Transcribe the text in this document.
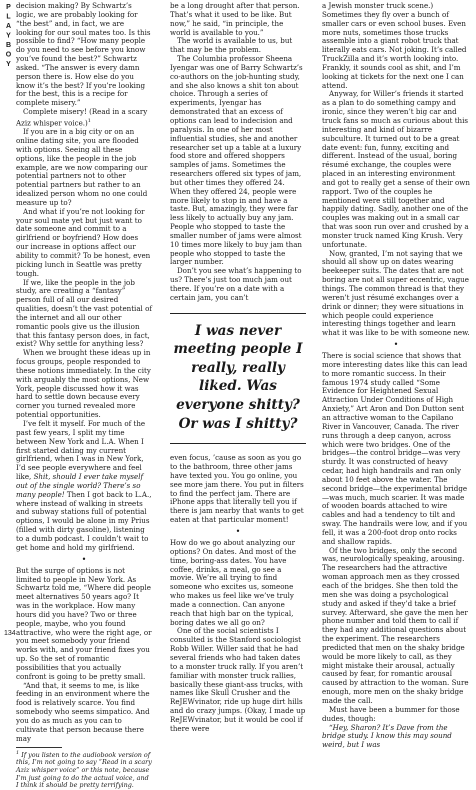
PLAYBOY decision making? By Schwartz’s logic, we are probably looking for “the best” and, in fact, we are looking for our soul mates too. Is this possible to find? “How many people do you need to see before you know you’ve found the best?” Schwartz asked. “The answer is every damn person there is. How else do you know it’s the best? If you’re looking for the best, this is a recipe for complete misery.”

Complete misery! (Read in a scary Aziz whisper voice.)$^1$

If you are in a big city or on an online dating site, you are flooded with options. Seeing all these options, like the people in the job example, are we now comparing our potential partners not to other potential partners but rather to an idealized person whom no one could measure up to?

And what if you’re not looking for your soul mate yet but just want to date someone and commit to a girlfriend or boyfriend? How does our increase in options affect our ability to commit? To be honest, even picking lunch in Seattle was pretty tough.

If we, like the people in the job study, are creating a “fantasy” person full of all our desired qualities, doesn’t the vast potential of the internet and all our other romantic pools give us the illusion that this fantasy person does, in fact, exist? Why settle for anything less?

When we brought these ideas up in focus groups, people responded to these notions immediately. In the city with arguably the most options, New York, people discussed how it was hard to settle down because every corner you turned revealed more potential opportunities.

I’ve felt it myself. For much of the past few years, I split my time between New York and L.A. When I first started dating my current girlfriend, when I was in New York, I’d see people everywhere and feel like, Shit, should I ever take myself out of the single world? There’s so many people! Then I got back to L.A., where instead of walking in streets and subway stations full of potential options, I would be alone in my Prius (filled with dirty gasoline), listening to a dumb podcast. I couldn’t wait to get home and hold my girlfriend.

•

But the surge of options is not limited to people in New York. As Schwartz told me, “Where did people meet alternatives 50 years ago? It was in the workplace. How many hours did you have? Two or three people, maybe, who you found attractive, who were the right age, or you meet somebody your friend works with, and your friend fixes you up. So the set of romantic possibilities that you actually confront is going to be pretty small.

“And that, it seems to me, is like feeding in an environment where the food is relatively scarce. You find somebody who seems simpatico. And you do as much as you can to cultivate that person because there may

$^1$ If you listen to the audiobook version of this, I’m not going to say “Read in a scary Aziz whisper voice” or this note, because I’m just going to do the actual voice, and I think it should be pretty terrifying.

be a long drought after that person. That’s what it used to be like. But now,” he said, “in principle, the world is available to you.”

The world is available to us, but that may be the problem.

The Columbia professor Sheena Iyengar was one of Barry Schwartz’s co-authors on the job-hunting study, and she also knows a shit ton about choice. Through a series of experiments, Iyengar has demonstrated that an excess of options can lead to indecision and paralysis. In one of her most influential studies, she and another researcher set up a table at a luxury food store and offered shoppers samples of jams. Sometimes the researchers offered six types of jam, but other times they offered 24. When they offered 24, people were more likely to stop in and have a taste. But, amazingly, they were far less likely to actually buy any jam. People who stopped to taste the smaller number of jams were almost 10 times more likely to buy jam than people who stopped to taste the larger number.

Don’t you see what’s happening to us? There’s just too much jam out there. If you’re on a date with a certain jam, you can’t

I was never meeting people I really, really liked. Was everyone shitty? Or was I shitty?

even focus, ’cause as soon as you go to the bathroom, three other jams have texted you. You go online, you see more jam there. You put in filters to find the perfect jam. There are iPhone apps that literally tell you if there is jam nearby that wants to get eaten at that particular moment!

•

How do we go about analyzing our options? On dates. And most of the time, boring-ass dates. You have coffee, drinks, a meal, go see a movie. We’re all trying to find someone who excites us, someone who makes us feel like we’ve truly made a connection. Can anyone reach that high bar on the typical, boring dates we all go on?

One of the social scientists I consulted is the Stanford sociologist Robb Willer. Willer said that he had several friends who had taken dates to a monster truck rally. If you aren’t familiar with monster truck rallies, basically these giant-ass trucks, with names like Skull Crusher and the ReJEWvinator, ride up huge dirt hills and do crazy jumps. (Okay, I made up ReJEWvinator, but it would be cool if there were

a Jewish monster truck scene.) Sometimes they fly over a bunch of smaller cars or even school buses. Even more nuts, sometimes those trucks assemble into a giant robot truck that literally eats cars. Not joking. It’s called TruckZilla and it’s worth looking into. Frankly, it sounds cool as shit, and I’m looking at tickets for the next one I can attend.

Anyway, for Willer’s friends it started as a plan to do something campy and ironic, since they weren’t big car and truck fans so much as curious about this interesting and kind of bizarre subculture. It turned out to be a great date event: fun, funny, exciting and different. Instead of the usual, boring résumé exchange, the couples were placed in an interesting environment and got to really get a sense of their own rapport. Two of the couples he mentioned were still together and happily dating. Sadly, another one of the couples was making out in a small car that was soon run over and crushed by a monster truck named King Krush. Very unfortunate.

Now, granted, I’m not saying that we should all show up on dates wearing beekeeper suits. The dates that are not boring are not all super eccentric, vague things. The common thread is that they weren’t just résumé exchanges over a drink or dinner; they were situations in which people could experience interesting things together and learn what it was like to be with someone new.

•

There is social science that shows that more interesting dates like this can lead to more romantic success. In their famous 1974 study called “Some Evidence for Heightened Sexual Attraction Under Conditions of High Anxiety,” Art Aron and Don Dutton sent an attractive woman to the Capilano River in Vancouver, Canada. The river runs through a deep canyon, across which were two bridges. One of the bridges—the control bridge—was very sturdy. It was constructed of heavy cedar, had high handrails and ran only about 10 feet above the water. The second bridge—the experimental bridge—was much, much scarier. It was made of wooden boards attached to wire cables and had a tendency to tilt and sway. The handrails were low, and if you fell, it was a 200-foot drop onto rocks and shallow rapids.

Of the two bridges, only the second was, neurologically speaking, arousing. The researchers had the attractive woman approach men as they crossed each of the bridges. She then told the men she was doing a psychological study and asked if they’d take a brief survey. Afterward, she gave the men her phone number and told them to call if they had any additional questions about the experiment. The researchers predicted that men on the shaky bridge would be more likely to call, as they might mistake their arousal, actually caused by fear, for romantic arousal caused by attraction to the woman. Sure enough, more men on the shaky bridge made the call.

Must have been a bummer for those dudes, though:

“Hey, Sharon? It’s Dave from the bridge study. I know this may sound weird, but I was

134
